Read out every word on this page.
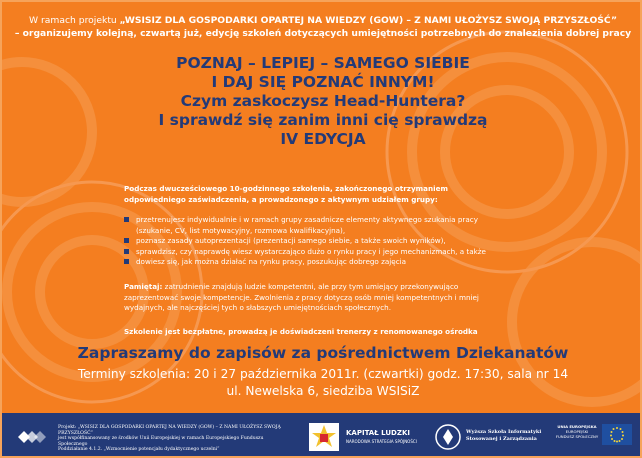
W ramach projektu „WSISIZ DLA GOSPODARKI OPARTEJ NA WIEDZY (GOW) – Z NAMI UŁOŻYSZ SWOJĄ PRZYSZŁOŚĆ”
– organizujemy kolejną, czwartą już, edycję szkoleń dotyczących umiejętności potrzebnych do znalezienia dobrej pracy
POZNAJ – LEPIEJ – SAMEGO SIEBIE
I DAJ SIĘ POZNAĆ INNYM!
Czym zaskoczysz Head-Huntera?
I sprawdź się zanim inni cię sprawdzą
IV EDYCJA
Podczas dwucześciowego 10-godzinnego szkolenia, zakończonego otrzymaniem odpowiedniego zaświadczenia, a prowadzonego z aktywnym udziałem grupy:
przetrenujesz indywidualnie i w ramach grupy zasadnicze elementy aktywnego szukania pracy (szukanie, CV, list motywacyjny, rozmowa kwalifikacyjna),
poznasz zasady autoprezentacji (prezentacji samego siebie, a także swoich wyników),
sprawdzisz, czy naprawdę wiesz wystarczająco dużo o rynku pracy i jego mechanizmach, a także
dowiesz się, jak można działać na rynku pracy, poszukując dobrego zajęcia
Pamiętaj: zatrudnienie znajdują ludzie kompetentni, ale przy tym umiejący przekonywująco zaprezentować swoje kompetencje. Zwolnienia z pracy dotyczą osób mniej kompetentnych i mniej wydajnych, ale najczęściej tych o słabszych umiejętnościach społecznych.
Szkolenie jest bezpłatne, prowadzą je doświadczeni trenerzy z renomowanego ośrodka
Zapraszamy do zapisów za pośrednictwem Dziekanatów
Terminy szkolenia: 20 i 27 października 2011r. (czwartki) godz. 17:30, sala nr 14
ul. Newelska 6, siedziba WSISiZ
Projekt: „WSISIZ DLA GOSPODARKI OPARTEJ NA WIEDZY (GOW) – Z NAMI UŁOŻYSZ SWOJĄ PRZYSZŁOŚĆ”
jest współfinansowany ze środków Unii Europejskiej w ramach Europejskiego Funduszu Społecznego
Poddziałanie 4.1.2. „Wzmocnienie potencjału dydaktycznego uczelni”
KAPITAŁ LUDZKI
NARODOWA STRATEGIA SPÓJNOŚCI
Wyższa Szkoła Informatyki
Stosowanej i Zarządzania
UNIA EUROPEJSKA
EUROPEJSKI
FUNDUSZ SPOŁECZNY
